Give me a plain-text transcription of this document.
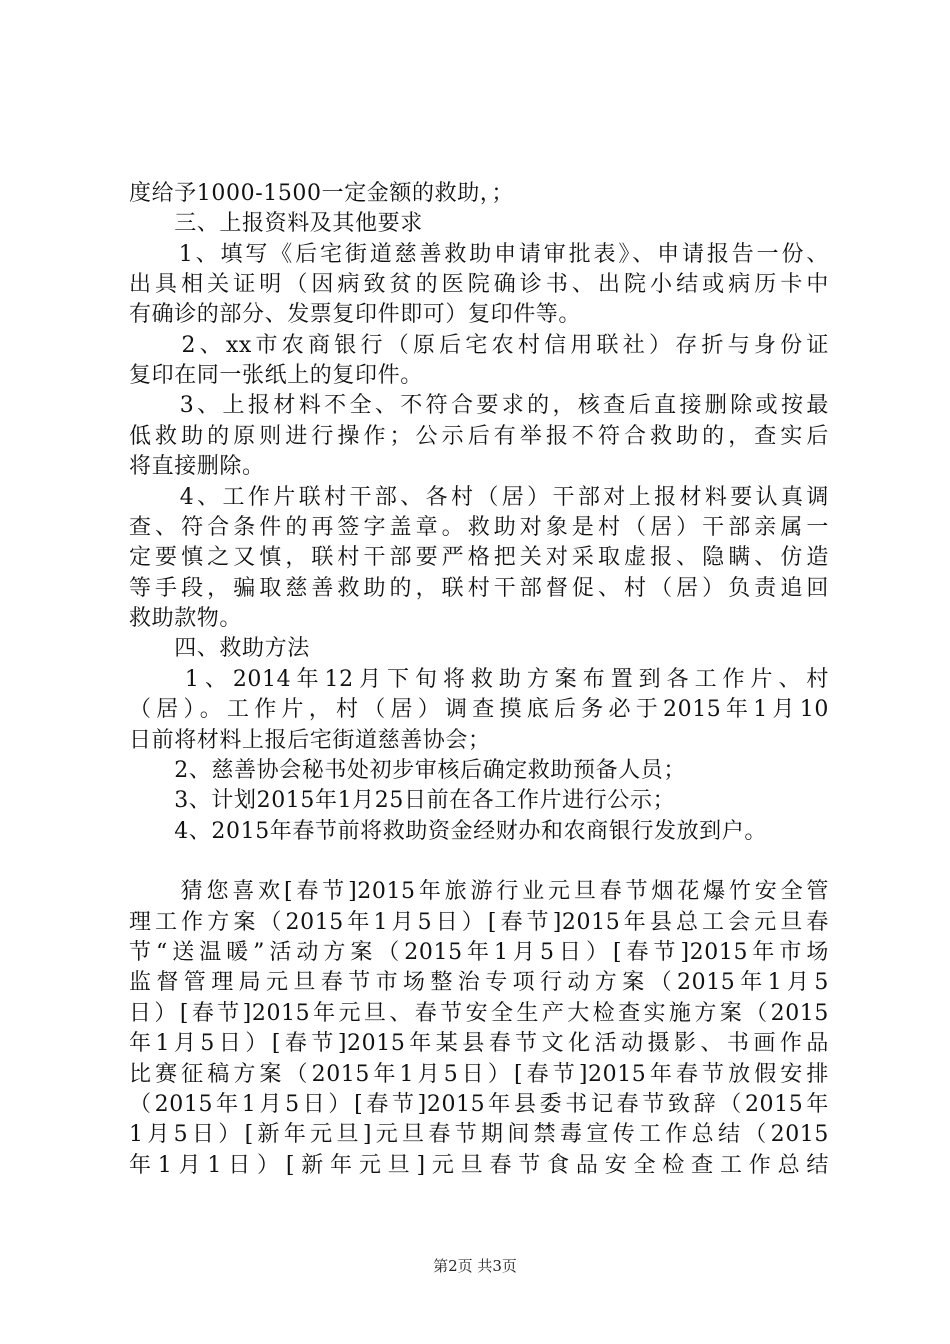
度给予1000-1500一定金额的救助，；
　　三、上报资料及其他要求
　　1、填写《后宅街道慈善救助申请审批表》、申请报告一份、
出具相关证明（因病致贫的医院确诊书、出院小结或病历卡中
有确诊的部分、发票复印件即可）复印件等。
　　2、xx市农商银行（原后宅农村信用联社）存折与身份证
复印在同一张纸上的复印件。
　　3、上报材料不全、不符合要求的，核查后直接删除或按最
低救助的原则进行操作；公示后有举报不符合救助的，查实后
将直接删除。
　　4、工作片联村干部、各村（居）干部对上报材料要认真调
查、符合条件的再签字盖章。救助对象是村（居）干部亲属一
定要慎之又慎，联村干部要严格把关对采取虚报、隐瞒、仿造
等手段，骗取慈善救助的，联村干部督促、村（居）负责追回
救助款物。
　　四、救助方法
　　1、2014年12月下旬将救助方案布置到各工作片、村
（居）。工作片，村（居）调查摸底后务必于2015年1月10
日前将材料上报后宅街道慈善协会；
　　2、慈善协会秘书处初步审核后确定救助预备人员；
　　3、计划2015年1月25日前在各工作片进行公示；
　　4、2015年春节前将救助资金经财办和农商银行发放到户。
　　猜您喜欢[春节]2015年旅游行业元旦春节烟花爆竹安全管
理工作方案（2015年1月5日）[春节]2015年县总工会元旦春
节“送温暖”活动方案（2015年1月5日）[春节]2015年市场
监督管理局元旦春节市场整治专项行动方案（2015年1月5
日）[春节]2015年元旦、春节安全生产大检查实施方案（2015
年1月5日）[春节]2015年某县春节文化活动摄影、书画作品
比赛征稿方案（2015年1月5日）[春节]2015年春节放假安排
（2015年1月5日）[春节]2015年县委书记春节致辞（2015年
1月5日）[新年元旦]元旦春节期间禁毒宣传工作总结（2015
年1月1日）[新年元旦]元旦春节食品安全检查工作总结
第2页 共3页
